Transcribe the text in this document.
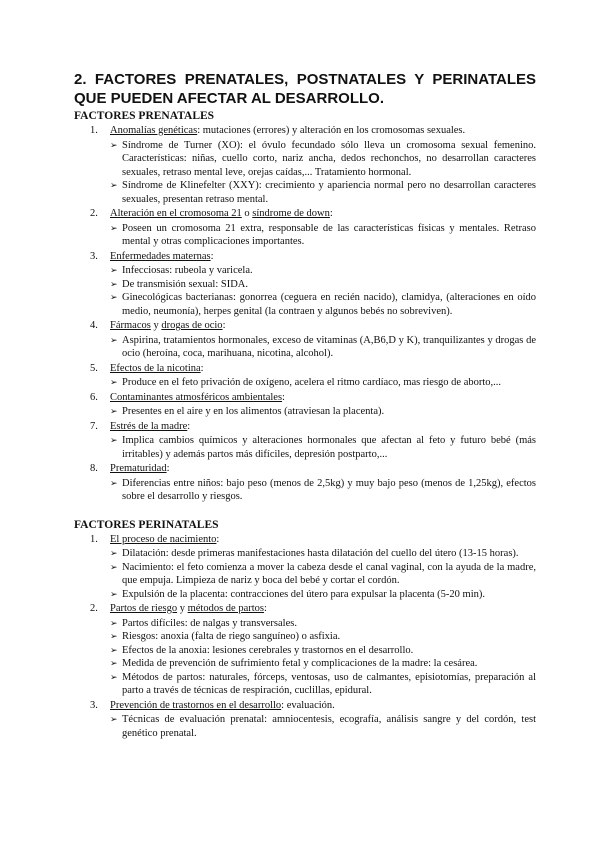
2. FACTORES PRENATALES, POSTNATALES Y PERINATALES QUE PUEDEN AFECTAR AL DESARROLLO.
FACTORES PRENATALES
1. Anomalías genéticas: mutaciones (errores) y alteración en los cromosomas sexuales.
➢ Síndrome de Turner (XO): el óvulo fecundado sólo lleva un cromosoma sexual femenino. Características: niñas, cuello corto, nariz ancha, dedos rechonchos, no desarrollan caracteres sexuales, retraso mental leve, orejas caídas,... Tratamiento hormonal.
➢ Síndrome de Klinefelter (XXY): crecimiento y apariencia normal pero no desarrollan caracteres sexuales, presentan retraso mental.
2. Alteración en el cromosoma 21 o síndrome de down:
➢ Poseen un cromosoma 21 extra, responsable de las características físicas y mentales. Retraso mental y otras complicaciones importantes.
3. Enfermedades maternas:
➢ Infecciosas: rubeola y varicela.
➢ De transmisión sexual: SIDA.
➢ Ginecológicas bacterianas: gonorrea (ceguera en recién nacido), clamidya, (alteraciones en oído medio, neumonía), herpes genital (la contraen y algunos bebés no sobreviven).
4. Fármacos y drogas de ocio:
➢ Aspirina, tratamientos hormonales, exceso de vitaminas (A,B6,D y K), tranquilizantes y drogas de ocio (heroína, coca, marihuana, nicotina, alcohol).
5. Efectos de la nicotina:
➢ Produce en el feto privación de oxígeno, acelera el ritmo cardíaco, mas riesgo de aborto,...
6. Contaminantes atmosféricos ambientales:
➢ Presentes en el aire y en los alimentos (atraviesan la placenta).
7. Estrés de la madre:
➢ Implica cambios químicos y alteraciones hormonales que afectan al feto y futuro bebé (más irritables) y además partos más difíciles, depresión postparto,...
8. Prematuridad:
➢ Diferencias entre niños: bajo peso (menos de 2,5kg) y muy bajo peso (menos de 1,25kg), efectos sobre el desarrollo y riesgos.
FACTORES PERINATALES
1. El proceso de nacimiento:
➢ Dilatación: desde primeras manifestaciones hasta dilatación del cuello del útero (13-15 horas).
➢ Nacimiento: el feto comienza a mover la cabeza desde el canal vaginal, con la ayuda de la madre, que empuja. Limpieza de nariz y boca del bebé y cortar el cordón.
➢ Expulsión de la placenta: contracciones del útero para expulsar la placenta (5-20 min).
2. Partos de riesgo y métodos de partos:
➢ Partos difíciles: de nalgas y transversales.
➢ Riesgos: anoxia (falta de riego sanguíneo) o asfixia.
➢ Efectos de la anoxia: lesiones cerebrales y trastornos en el desarrollo.
➢ Medida de prevención de sufrimiento fetal y complicaciones de la madre: la cesárea.
➢ Métodos de partos: naturales, fórceps, ventosas, uso de calmantes, episiotomías, preparación al parto a través de técnicas de respiración, cuclillas, epidural.
3. Prevención de trastornos en el desarrollo: evaluación.
➢ Técnicas de evaluación prenatal: amniocentesis, ecografía, análisis sangre y del cordón, test genético prenatal.
